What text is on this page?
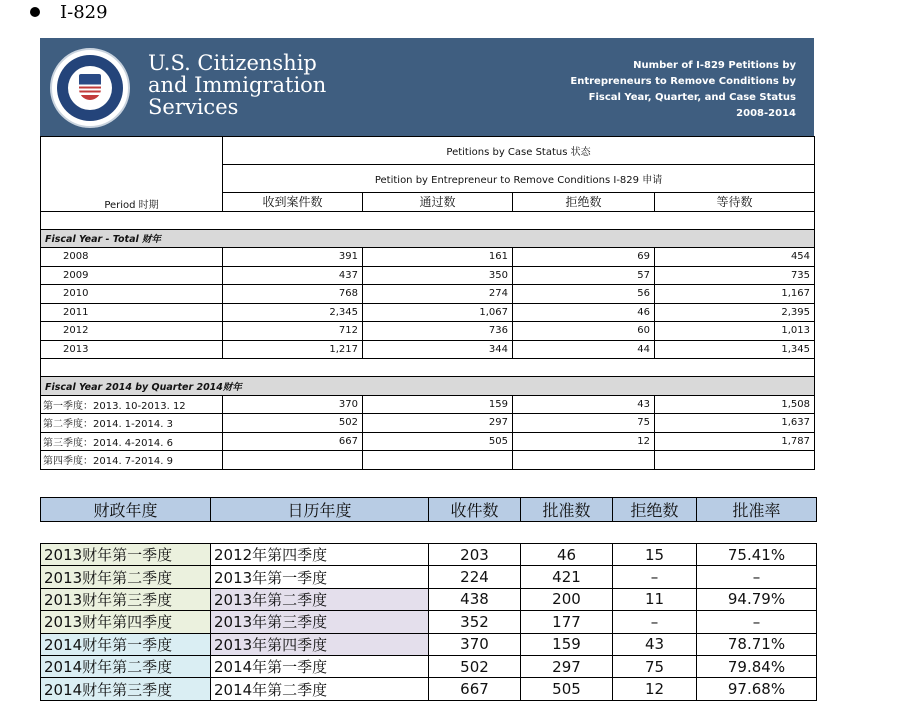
I-829
U.S. Citizenship
and Immigration
Services
Number of I-829 Petitions by
Entrepreneurs to Remove Conditions by
Fiscal Year, Quarter, and Case Status
2008-2014
Period 时期	Petitions by Case Status 状态			
	Petition by Entrepreneur to Remove Conditions I-829 申请			
	收到案件数	通过数	拒绝数	等待数

Fiscal Year - Total 财年				
2008	391	161	69	454
2009	437	350	57	735
2010	768	274	56	1,167
2011	2,345	1,067	46	2,395
2012	712	736	60	1,013
2013	1,217	344	44	1,345

Fiscal Year 2014 by Quarter 2014财年				
第一季度：2013. 10-2013. 12	370	159	43	1,508
第二季度：2014. 1-2014. 3	502	297	75	1,637
第三季度：2014. 4-2014. 6	667	505	12	1,787
第四季度：2014. 7-2014. 9				
财政年度	日历年度	收件数	批准数	拒绝数	批准率

2013财年第一季度	2012年第四季度	203	46	15	75.41%
2013财年第二季度	2013年第一季度	224	421	–	–
2013财年第三季度	2013年第二季度	438	200	11	94.79%
2013财年第四季度	2013年第三季度	352	177	–	–
2014财年第一季度	2013年第四季度	370	159	43	78.71%
2014财年第二季度	2014年第一季度	502	297	75	79.84%
2014财年第三季度	2014年第二季度	667	505	12	97.68%
